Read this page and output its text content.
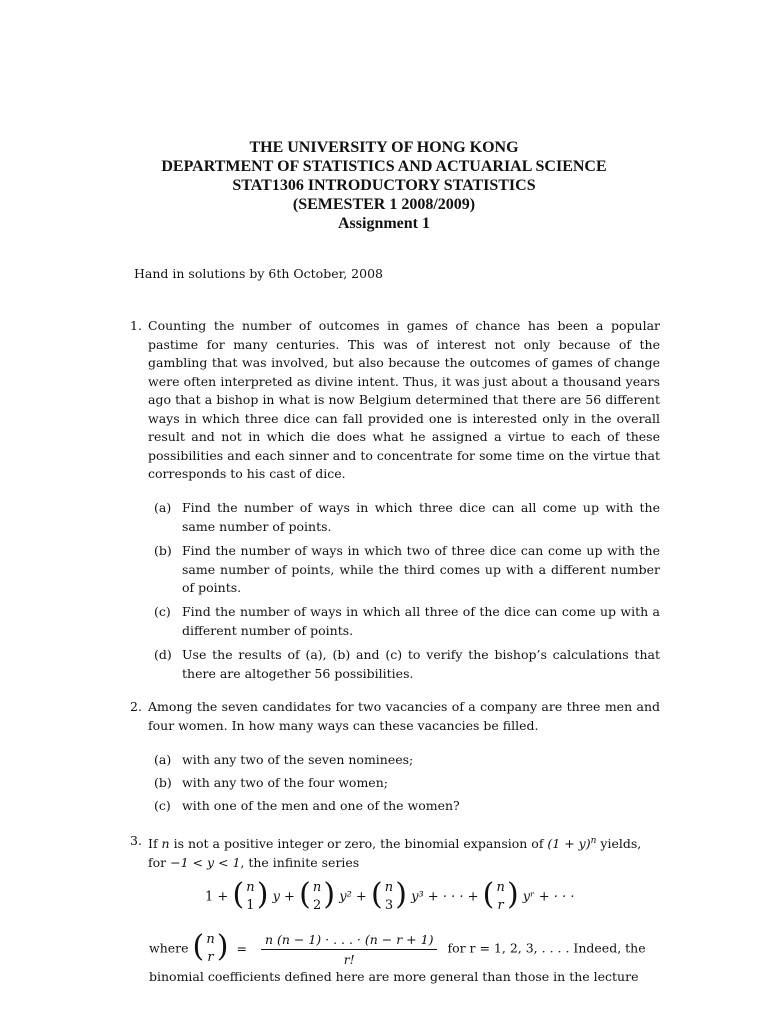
THE UNIVERSITY OF HONG KONG
DEPARTMENT OF STATISTICS AND ACTUARIAL SCIENCE
STAT1306 INTRODUCTORY STATISTICS
(SEMESTER 1 2008/2009)
Assignment 1
Hand in solutions by 6th October, 2008
1. Counting the number of outcomes in games of chance has been a popular pastime for many centuries. This was of interest not only because of the gambling that was involved, but also because the outcomes of games of change were often interpreted as divine intent. Thus, it was just about a thousand years ago that a bishop in what is now Belgium determined that there are 56 different ways in which three dice can fall provided one is interested only in the overall result and not in which die does what he assigned a virtue to each of these possibilities and each sinner and to concentrate for some time on the virtue that corresponds to his cast of dice.
(a) Find the number of ways in which three dice can all come up with the same number of points.
(b) Find the number of ways in which two of three dice can come up with the same number of points, while the third comes up with a different number of points.
(c) Find the number of ways in which all three of the dice can come up with a different number of points.
(d) Use the results of (a), (b) and (c) to verify the bishop’s calculations that there are altogether 56 possibilities.
2. Among the seven candidates for two vacancies of a company are three men and four women. In how many ways can these vacancies be filled.
(a) with any two of the seven nominees;
(b) with any two of the four women;
(c) with one of the men and one of the women?
3. If n is not a positive integer or zero, the binomial expansion of $(1 + y)^n$ yields,
for −1 < y < 1, the infinite series
1 + ( n
1 ) y + ( n
2 ) y² + ( n
3 ) y³ + · · · + ( n
r ) yʳ + · · ·
where ( n
r ) = $\frac{n (n - 1) \cdot . . . \cdot (n - r + 1)}{r!}$ for r = 1, 2, 3, . . . . Indeed, the
binomial coefficients defined here are more general than those in the lecture
